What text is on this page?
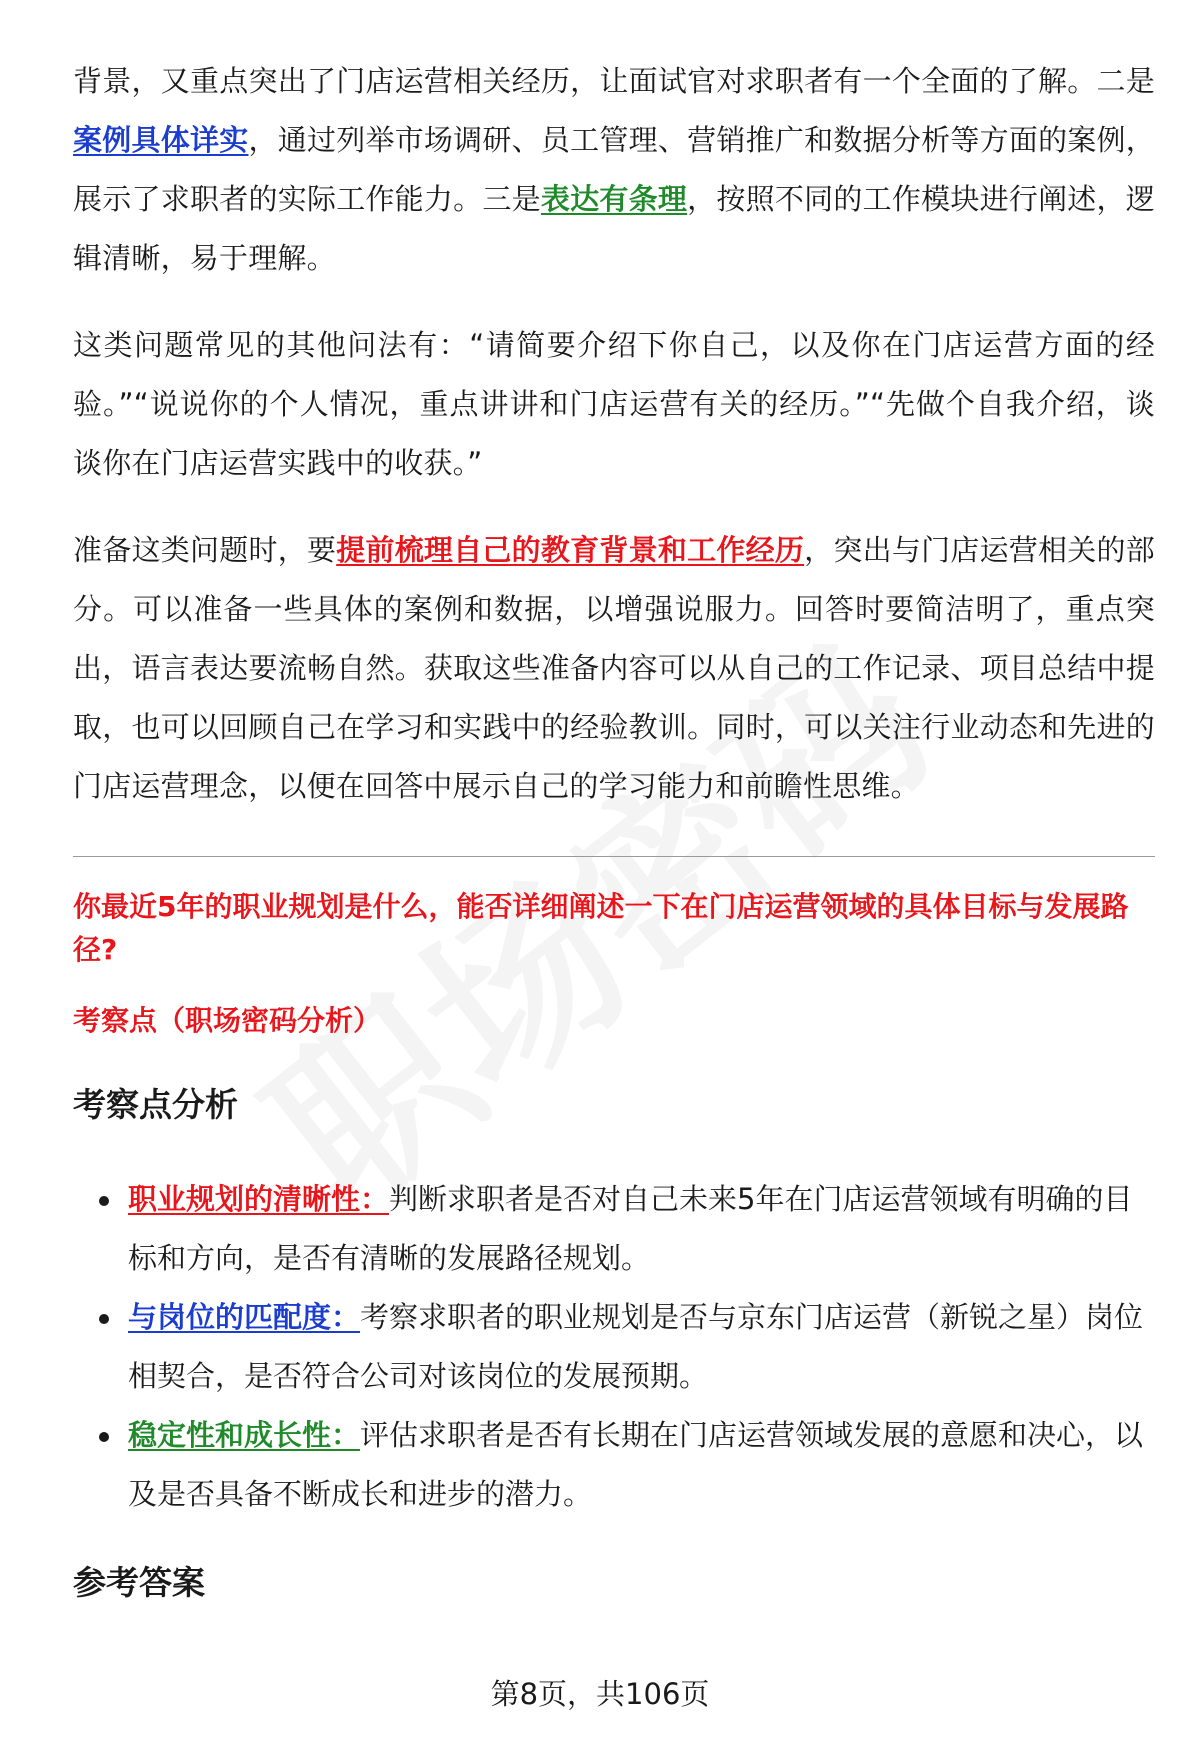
背景，又重点突出了门店运营相关经历，让面试官对求职者有一个全面的了解。二是案例具体详实，通过列举市场调研、员工管理、营销推广和数据分析等方面的案例，展示了求职者的实际工作能力。三是表达有条理，按照不同的工作模块进行阐述，逻辑清晰，易于理解。

这类问题常见的其他问法有：“请简要介绍下你自己，以及你在门店运营方面的经验。”“说说你的个人情况，重点讲讲和门店运营有关的经历。”“先做个自我介绍，谈谈你在门店运营实践中的收获。”

准备这类问题时，要提前梳理自己的教育背景和工作经历，突出与门店运营相关的部分。可以准备一些具体的案例和数据，以增强说服力。回答时要简洁明了，重点突出，语言表达要流畅自然。获取这些准备内容可以从自己的工作记录、项目总结中提取，也可以回顾自己在学习和实践中的经验教训。同时，可以关注行业动态和先进的门店运营理念，以便在回答中展示自己的学习能力和前瞻性思维。

你最近5年的职业规划是什么，能否详细阐述一下在门店运营领域的具体目标与发展路径?

考察点（职场密码分析）

考察点分析
职业规划的清晰性：判断求职者是否对自己未来5年在门店运营领域有明确的目标和方向，是否有清晰的发展路径规划。
与岗位的匹配度：考察求职者的职业规划是否与京东门店运营（新锐之星）岗位相契合，是否符合公司对该岗位的发展预期。
稳定性和成长性：评估求职者是否有长期在门店运营领域发展的意愿和决心，以及是否具备不断成长和进步的潜力。
参考答案
第8页，共106页
